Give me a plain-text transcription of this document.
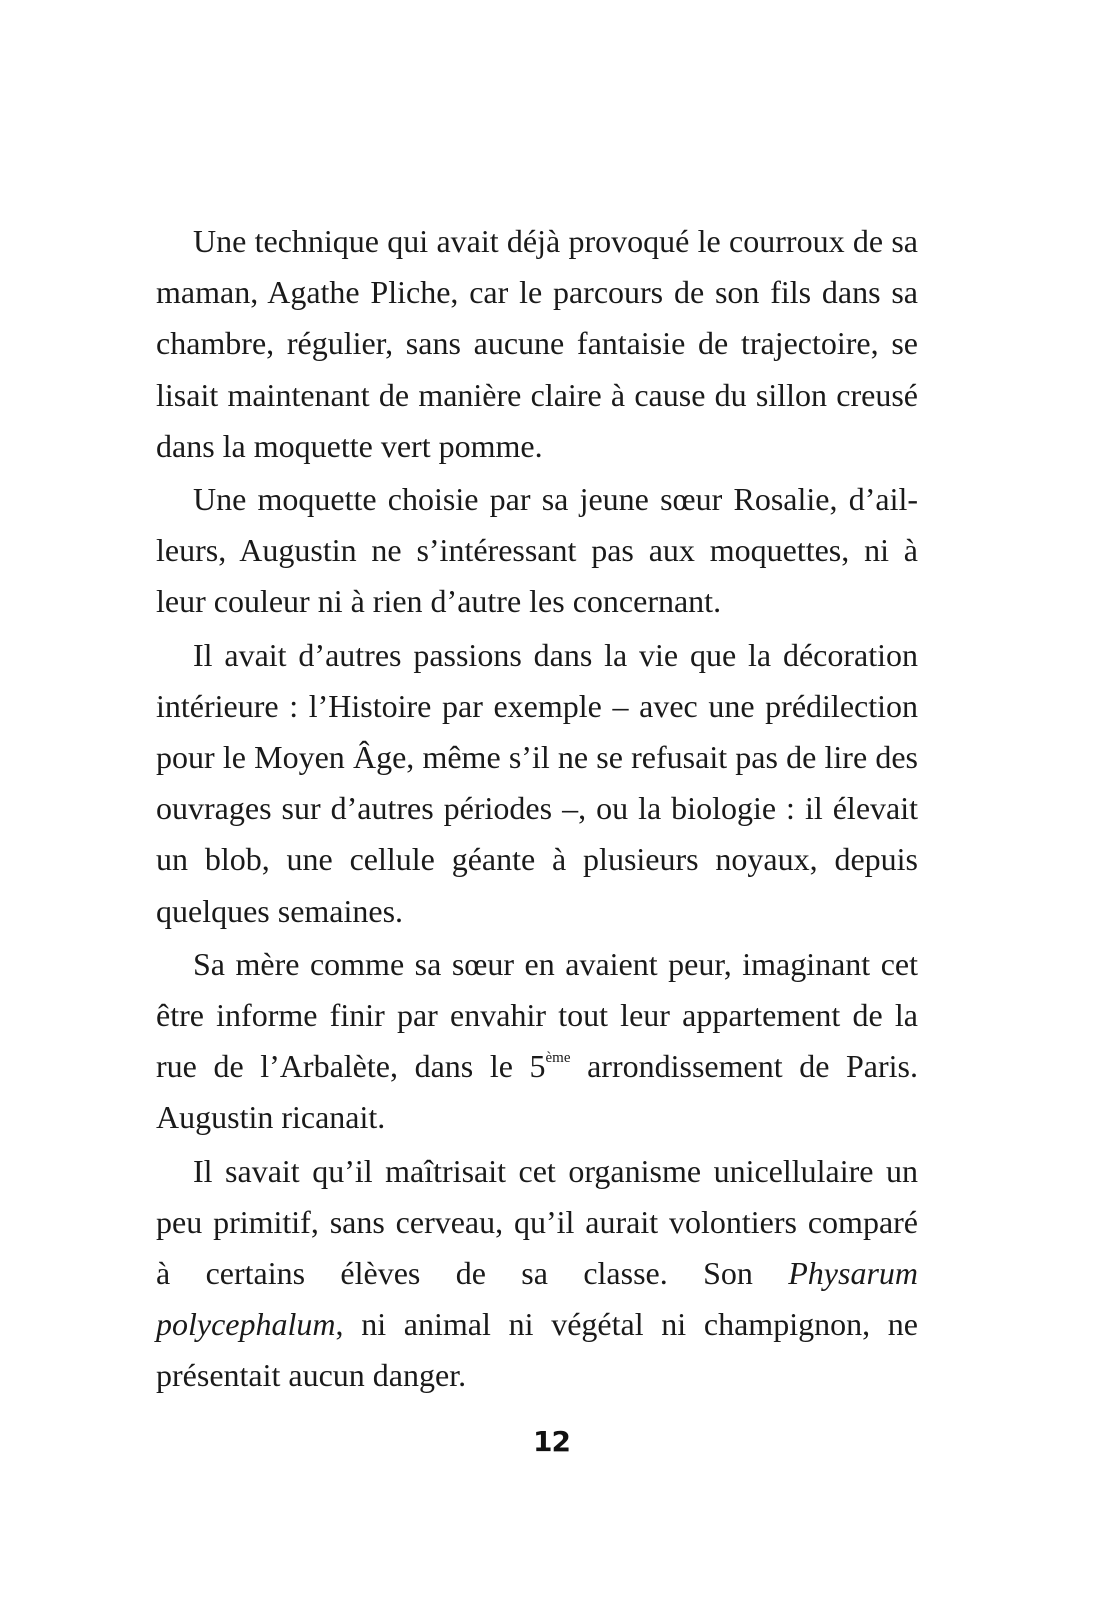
Une technique qui avait déjà provoqué le courroux de sa maman, Agathe Pliche, car le parcours de son fils dans sa chambre, régulier, sans aucune fantaisie de trajectoire, se lisait maintenant de manière claire à cause du sillon creusé dans la moquette vert pomme.

Une moquette choisie par sa jeune sœur Rosalie, d’ailleurs, Augustin ne s’intéressant pas aux moquettes, ni à leur couleur ni à rien d’autre les concernant.

Il avait d’autres passions dans la vie que la décoration intérieure : l’Histoire par exemple – avec une prédilection pour le Moyen Âge, même s’il ne se refusait pas de lire des ouvrages sur d’autres périodes –, ou la biologie : il élevait un blob, une cellule géante à plusieurs noyaux, depuis quelques semaines.

Sa mère comme sa sœur en avaient peur, imaginant cet être informe finir par envahir tout leur appartement de la rue de l’Arbalète, dans le 5ème arrondissement de Paris. Augustin ricanait.

Il savait qu’il maîtrisait cet organisme unicellulaire un peu primitif, sans cerveau, qu’il aurait volontiers comparé à certains élèves de sa classe. Son Physarum polycephalum, ni animal ni végétal ni champignon, ne présentait aucun danger.

12
